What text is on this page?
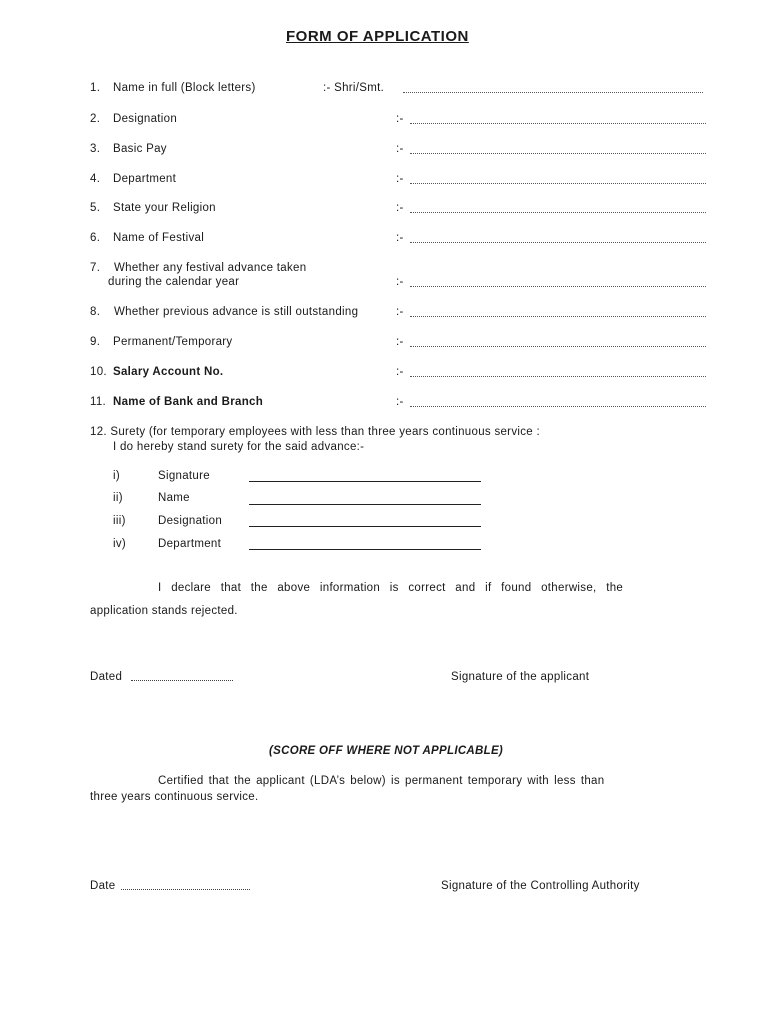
FORM OF APPLICATION
1. Name in full (Block letters)	:- Shri/Smt.
2. Designation	:-
3. Basic Pay	:-
4. Department	:-
5. State your Religion	:-
6. Name of Festival	:-
7. Whether any festival advance taken
during the calendar year	:-
8. Whether previous advance is still outstanding	:-
9. Permanent/Temporary	:-
10. Salary Account No.	:-
11. Name of Bank and Branch	:-
12. Surety (for temporary employees with less than three years continuous service :
I do hereby stand surety for the said advance:-
i)	Signature
ii)	Name
iii)	Designation
iv)	Department
I declare that the above information is correct and if found otherwise, the
application stands rejected.
Dated	Signature of the applicant
(SCORE OFF WHERE NOT APPLICABLE)
Certified that the applicant (LDA’s below) is permanent temporary with less than
three years continuous service.
Date	Signature of the Controlling Authority
